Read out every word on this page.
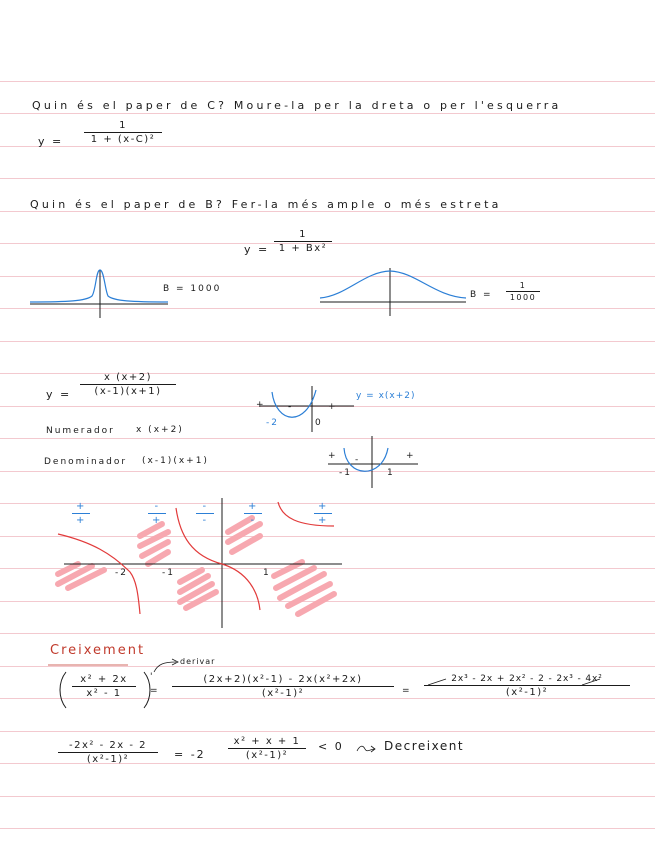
Quin és el paper de C? Moure-la per la dreta o per l'esquerra
y =
1
1 + (x-C)²
Quin és el paper de B? Fer-la més ample o més estreta
y =
1
1 + Bx²
B = 1000
B =
1
1000
y =
x (x+2)
(x-1)(x+1)
Numerador x (x+2)
Denominador (x-1)(x+1)
+ -	+
-2	0
y = x(x+2)
+ -	+
-1	1
-2	-1	1
+
+
-
+
-
-
+
-
+
+
Creixement
derivar
x² + 2x
x² - 1
'
=
(2x+2)(x²-1) - 2x(x²+2x)
(x²-1)²	=
2x³ - 2x + 2x² - 2 - 2x³ - 4x²
(x²-1)²
-2x² - 2x - 2
(x²-1)²	= -2
x² + x + 1
(x²-1)²
< 0	Decreixent
